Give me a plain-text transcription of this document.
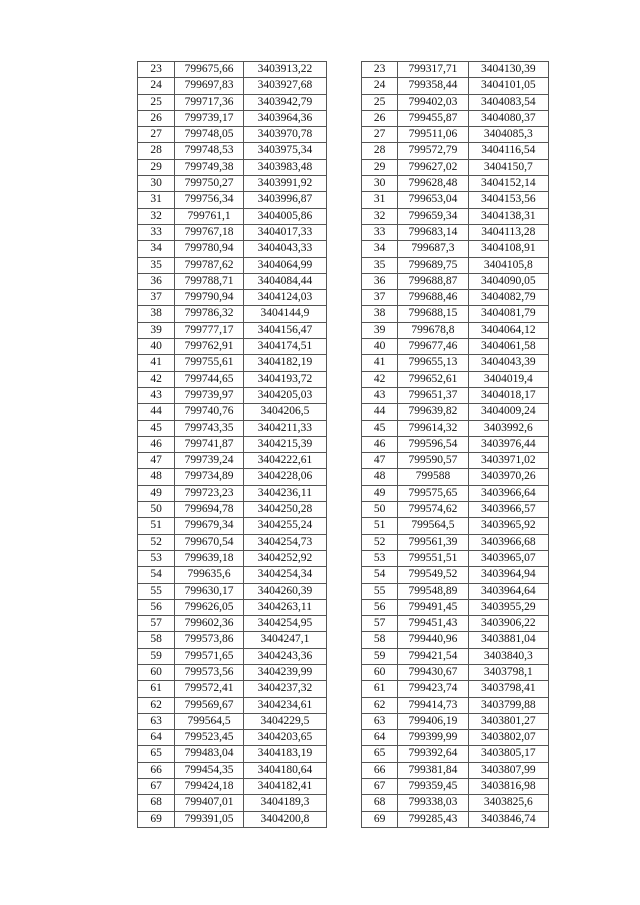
23	799675,66	3403913,22
24	799697,83	3403927,68
25	799717,36	3403942,79
26	799739,17	3403964,36
27	799748,05	3403970,78
28	799748,53	3403975,34
29	799749,38	3403983,48
30	799750,27	3403991,92
31	799756,34	3403996,87
32	799761,1	3404005,86
33	799767,18	3404017,33
34	799780,94	3404043,33
35	799787,62	3404064,99
36	799788,71	3404084,44
37	799790,94	3404124,03
38	799786,32	3404144,9
39	799777,17	3404156,47
40	799762,91	3404174,51
41	799755,61	3404182,19
42	799744,65	3404193,72
43	799739,97	3404205,03
44	799740,76	3404206,5
45	799743,35	3404211,33
46	799741,87	3404215,39
47	799739,24	3404222,61
48	799734,89	3404228,06
49	799723,23	3404236,11
50	799694,78	3404250,28
51	799679,34	3404255,24
52	799670,54	3404254,73
53	799639,18	3404252,92
54	799635,6	3404254,34
55	799630,17	3404260,39
56	799626,05	3404263,11
57	799602,36	3404254,95
58	799573,86	3404247,1
59	799571,65	3404243,36
60	799573,56	3404239,99
61	799572,41	3404237,32
62	799569,67	3404234,61
63	799564,5	3404229,5
64	799523,45	3404203,65
65	799483,04	3404183,19
66	799454,35	3404180,64
67	799424,18	3404182,41
68	799407,01	3404189,3
69	799391,05	3404200,8
23	799317,71	3404130,39
24	799358,44	3404101,05
25	799402,03	3404083,54
26	799455,87	3404080,37
27	799511,06	3404085,3
28	799572,79	3404116,54
29	799627,02	3404150,7
30	799628,48	3404152,14
31	799653,04	3404153,56
32	799659,34	3404138,31
33	799683,14	3404113,28
34	799687,3	3404108,91
35	799689,75	3404105,8
36	799688,87	3404090,05
37	799688,46	3404082,79
38	799688,15	3404081,79
39	799678,8	3404064,12
40	799677,46	3404061,58
41	799655,13	3404043,39
42	799652,61	3404019,4
43	799651,37	3404018,17
44	799639,82	3404009,24
45	799614,32	3403992,6
46	799596,54	3403976,44
47	799590,57	3403971,02
48	799588	3403970,26
49	799575,65	3403966,64
50	799574,62	3403966,57
51	799564,5	3403965,92
52	799561,39	3403966,68
53	799551,51	3403965,07
54	799549,52	3403964,94
55	799548,89	3403964,64
56	799491,45	3403955,29
57	799451,43	3403906,22
58	799440,96	3403881,04
59	799421,54	3403840,3
60	799430,67	3403798,1
61	799423,74	3403798,41
62	799414,73	3403799,88
63	799406,19	3403801,27
64	799399,99	3403802,07
65	799392,64	3403805,17
66	799381,84	3403807,99
67	799359,45	3403816,98
68	799338,03	3403825,6
69	799285,43	3403846,74
